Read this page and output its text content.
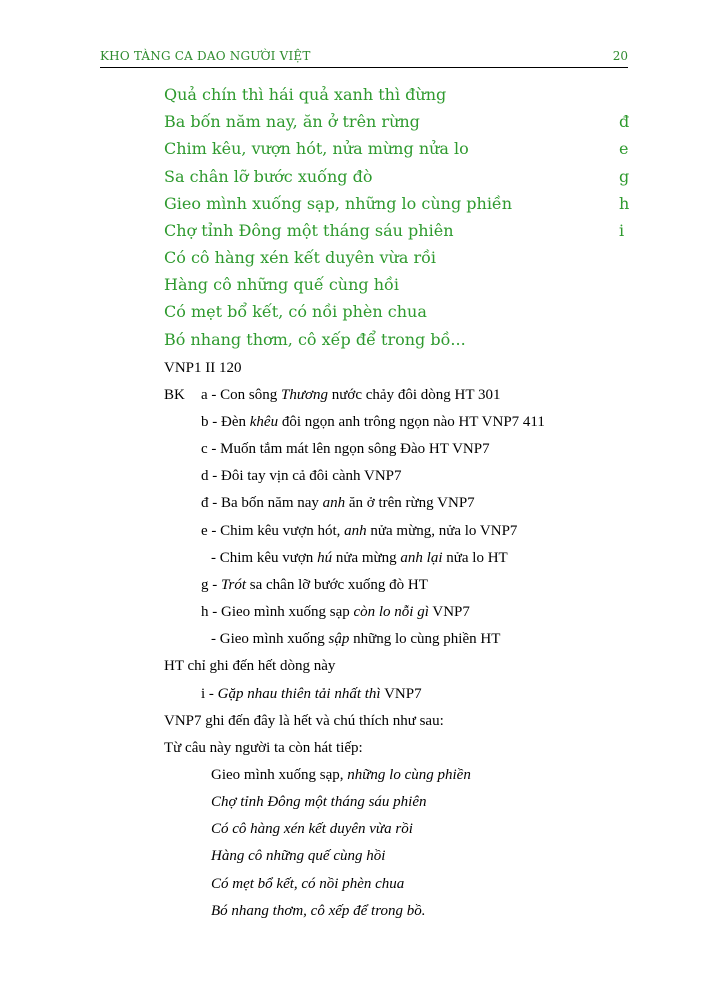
KHO TÀNG CA DAO NGƯỜI VIỆT	20
Quả chín thì hái quả xanh thì đừng
Ba bốn năm nay, ăn ở trên rừng
Chim kêu, vượn hót, nửa mừng nửa lo
Sa chân lỡ bước xuống đò
Gieo mình xuống sạp, những lo cùng phiền
Chợ tỉnh Đông một tháng sáu phiên
Có cô hàng xén kết duyên vừa rồi
Hàng cô những quế cùng hồi
Có mẹt bổ kết, có nồi phèn chua
Bó nhang thơm, cô xếp để trong bồ...
đ
e
g
h
i
VNP1 II 120
BK a - Con sông Thương nước chảy đôi dòng HT 301
b - Đèn khêu đôi ngọn anh trông ngọn nào HT VNP7 411
c - Muốn tắm mát lên ngọn sông Đào HT VNP7
d - Đôi tay vịn cả đôi cành VNP7
đ - Ba bốn năm nay anh ăn ở trên rừng VNP7
e - Chim kêu vượn hót, anh nửa mừng, nửa lo VNP7
- Chim kêu vượn hú nửa mừng anh lại nửa lo HT
g - Trót sa chân lỡ bước xuống đò HT
h - Gieo mình xuống sạp còn lo nỗi gì VNP7
- Gieo mình xuống sập những lo cùng phiền HT
HT chỉ ghi đến hết dòng này
i - Gặp nhau thiên tải nhất thì VNP7
VNP7 ghi đến đây là hết và chú thích như sau:
Từ câu này người ta còn hát tiếp:
Gieo mình xuống sạp, những lo cùng phiền
Chợ tỉnh Đông một tháng sáu phiên
Có cô hàng xén kết duyên vừa rồi
Hàng cô những quế cùng hồi
Có mẹt bổ kết, có nồi phèn chua
Bó nhang thơm, cô xếp để trong bồ.
